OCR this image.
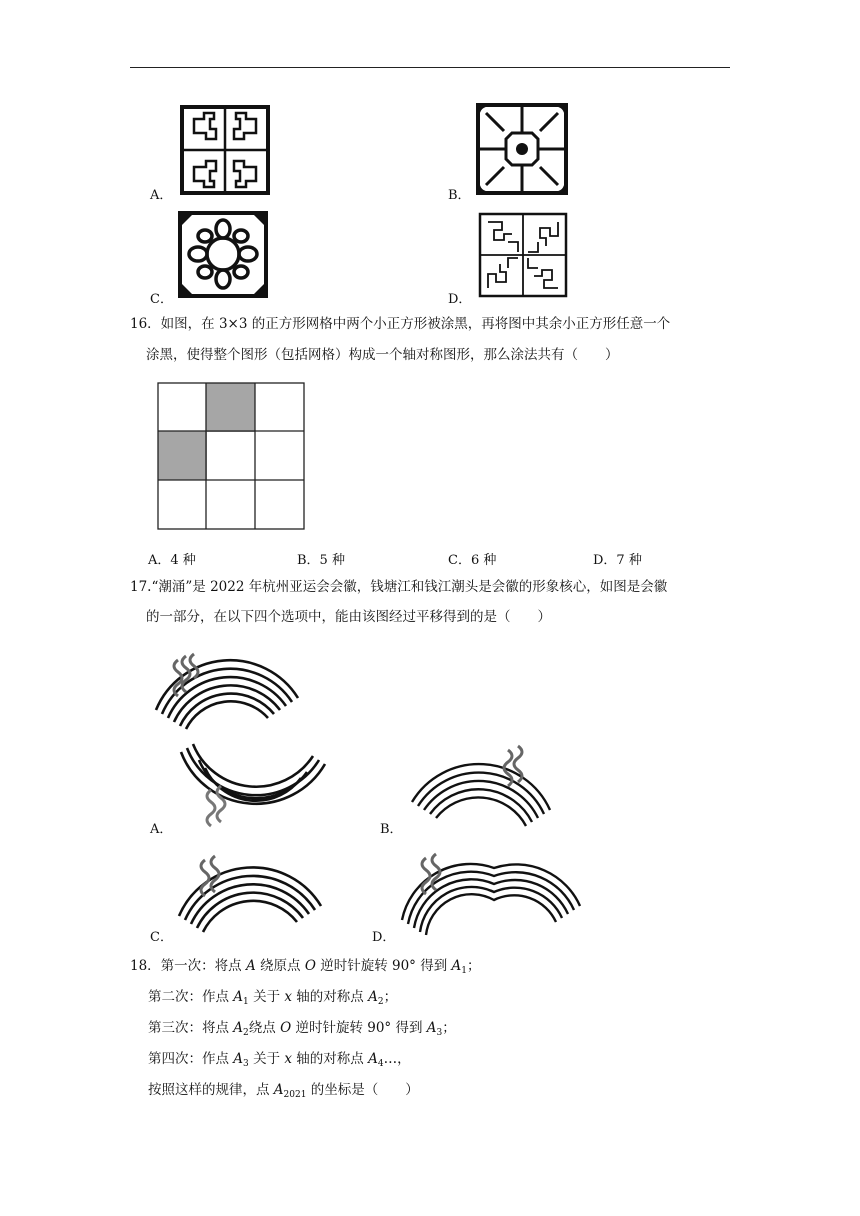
A．	B．
C．	D．
16．如图，在 3×3 的正方形网格中两个小正方形被涂黑，再将图中其余小正方形任意一个
涂黑，使得整个图形（包括网格）构成一个轴对称图形，那么涂法共有（　　）
A．4 种	B．5 种	C．6 种	D．7 种
17.“潮涌”是 2022 年杭州亚运会会徽，钱塘江和钱江潮头是会徽的形象核心，如图是会徽
的一部分，在以下四个选项中，能由该图经过平移得到的是（　　）
A．	B．
C．	D．
18．第一次：将点 A 绕原点 O 逆时针旋转 90° 得到 $A_1$；
第二次：作点 $A_1$ 关于 x 轴的对称点 $A_2$；
第三次：将点 $A_2$绕点 O 逆时针旋转 90° 得到 $A_3$；
第四次：作点 $A_3$ 关于 x 轴的对称点 $A_4\dots$，
按照这样的规律，点 $A_{2021}$ 的坐标是（　　）
